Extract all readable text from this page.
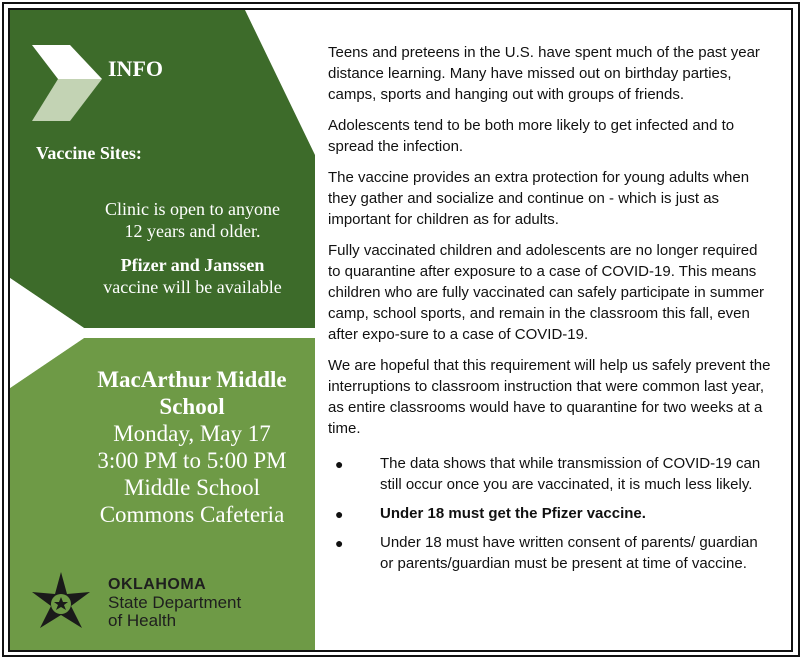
INFO
Vaccine Sites:
Clinic is open to anyone
12 years and older.
Pfizer and Janssen
vaccine will be available
MacArthur Middle
School
Monday, May 17
3:00 PM to 5:00 PM
Middle School
Commons Cafeteria
OKLAHOMA
State Department
of Health

Teens and preteens in the U.S. have spent much of the past year distance learning. Many have missed out on birthday parties, camps, sports and hanging out with groups of friends.

Adolescents tend to be both more likely to get infected and to spread the infection.

The vaccine provides an extra protection for young adults when they gather and socialize and continue on - which is just as important for children as for adults.

Fully vaccinated children and adolescents are no longer required to quarantine after exposure to a case of COVID-19. This means children who are fully vaccinated can safely participate in summer camp, school sports, and remain in the classroom this fall, even after expo-sure to a case of COVID-19.

We are hopeful that this requirement will help us safely prevent the interruptions to classroom instruction that were common last year, as entire classrooms would have to quarantine for two weeks at a time.

● The data shows that while transmission of COVID-19 can still occur once you are vaccinated, it is much less likely.
● Under 18 must get the Pfizer vaccine.
● Under 18 must have written consent of parents/ guardian or parents/guardian must be present at time of vaccine.
